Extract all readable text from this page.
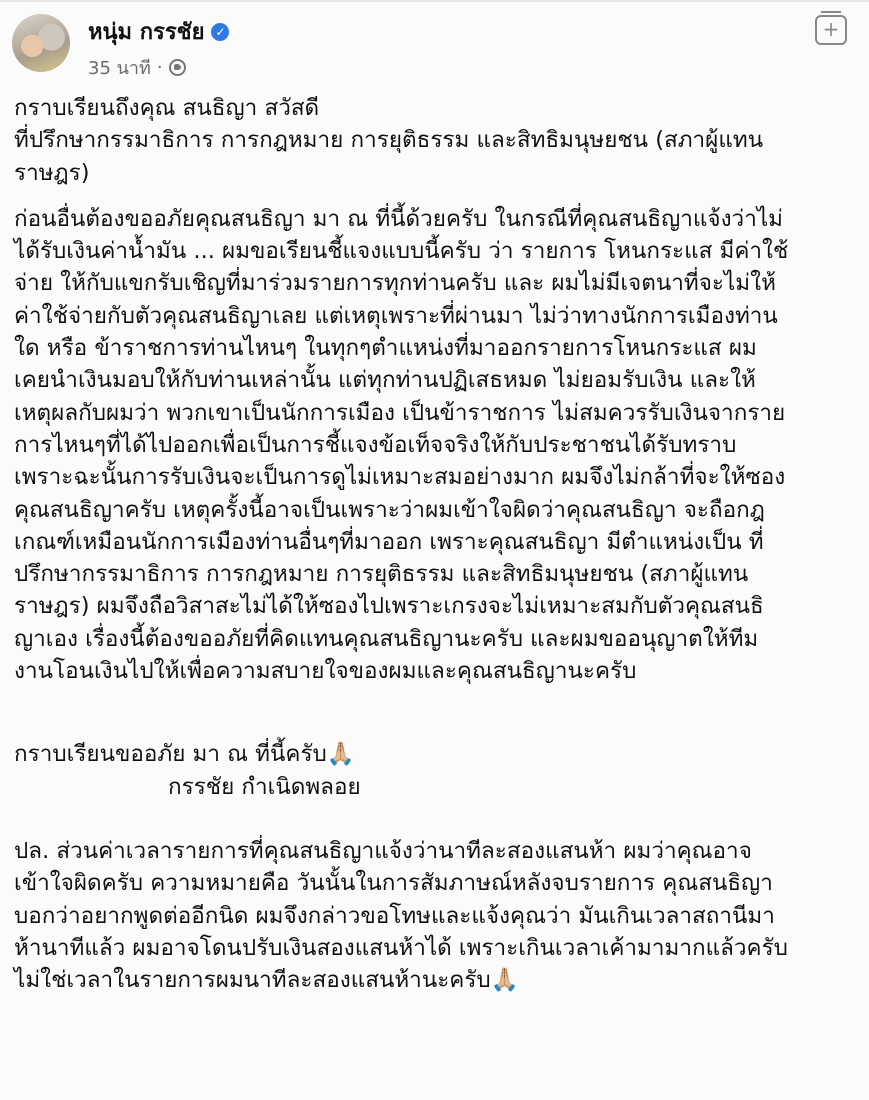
หนุ่ม กรรชัย ✓
35 นาที ·
+
กราบเรียนถึงคุณ สนธิญา สวัสดี
ที่ปรึกษากรรมาธิการ การกฎหมาย การยุติธรรม และสิทธิมนุษยชน (สภาผู้แทน
ราษฎร)
ก่อนอื่นต้องขออภัยคุณสนธิญา มา ณ ที่นี้ด้วยครับ ในกรณีที่คุณสนธิญาแจ้งว่าไม่
ได้รับเงินค่าน้ำมัน ... ผมขอเรียนชี้แจงแบบนี้ครับ ว่า รายการ โหนกระแส มีค่าใช้
จ่าย ให้กับแขกรับเชิญที่มาร่วมรายการทุกท่านครับ และ ผมไม่มีเจตนาที่จะไม่ให้
ค่าใช้จ่ายกับตัวคุณสนธิญาเลย แต่เหตุเพราะที่ผ่านมา ไม่ว่าทางนักการเมืองท่าน
ใด หรือ ข้าราชการท่านไหนๆ ในทุกๆตำแหน่งที่มาออกรายการโหนกระแส ผม
เคยนำเงินมอบให้กับท่านเหล่านั้น แต่ทุกท่านปฏิเสธหมด ไม่ยอมรับเงิน และให้
เหตุผลกับผมว่า พวกเขาเป็นนักการเมือง เป็นข้าราชการ ไม่สมควรรับเงินจากราย
การไหนๆที่ได้ไปออกเพื่อเป็นการชี้แจงข้อเท็จจริงให้กับประชาชนได้รับทราบ
เพราะฉะนั้นการรับเงินจะเป็นการดูไม่เหมาะสมอย่างมาก ผมจึงไม่กล้าที่จะให้ซอง
คุณสนธิญาครับ เหตุครั้งนี้อาจเป็นเพราะว่าผมเข้าใจผิดว่าคุณสนธิญา จะถือกฎ
เกณฑ์เหมือนนักการเมืองท่านอื่นๆที่มาออก เพราะคุณสนธิญา มีตำแหน่งเป็น ที่
ปรึกษากรรมาธิการ การกฎหมาย การยุติธรรม และสิทธิมนุษยชน (สภาผู้แทน
ราษฎร) ผมจึงถือวิสาสะไม่ได้ให้ซองไปเพราะเกรงจะไม่เหมาะสมกับตัวคุณสนธิ
ญาเอง เรื่องนี้ต้องขออภัยที่คิดแทนคุณสนธิญานะครับ และผมขออนุญาตให้ทีม
งานโอนเงินไปให้เพื่อความสบายใจของผมและคุณสนธิญานะครับ
กราบเรียนขออภัย มา ณ ที่นี้ครับ🙏🏼
กรรชัย กำเนิดพลอย
ปล. ส่วนค่าเวลารายการที่คุณสนธิญาแจ้งว่านาทีละสองแสนห้า ผมว่าคุณอาจ
เข้าใจผิดครับ ความหมายคือ วันนั้นในการสัมภาษณ์หลังจบรายการ คุณสนธิญา
บอกว่าอยากพูดต่ออีกนิด ผมจึงกล่าวขอโทษและแจ้งคุณว่า มันเกินเวลาสถานีมา
ห้านาทีแล้ว ผมอาจโดนปรับเงินสองแสนห้าได้ เพราะเกินเวลาเค้ามามากแล้วครับ
ไม่ใช่เวลาในรายการผมนาทีละสองแสนห้านะครับ🙏🏼
